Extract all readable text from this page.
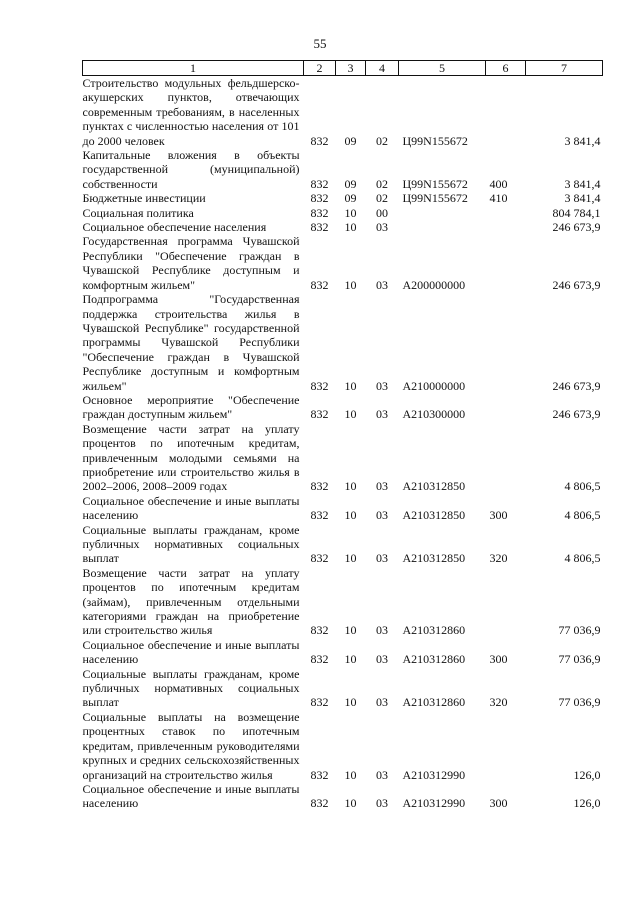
55
1	2	3	4	5	6	7
Строительство модульных фельдшерско-акушерских пунктов, отвечающих современным требованиям, в населенных пунктах с численностью населения от 101 до 2000 человек	832	09	02	Ц99N155672		3 841,4
Капитальные вложения в объекты государственной (муниципальной) собственности	832	09	02	Ц99N155672	400	3 841,4
Бюджетные инвестиции	832	09	02	Ц99N155672	410	3 841,4
Социальная политика	832	10	00			804 784,1
Социальное обеспечение населения	832	10	03			246 673,9
Государственная программа Чувашской Республики "Обеспечение граждан в Чувашской Республике доступным и комфортным жильем"	832	10	03	A200000000		246 673,9
Подпрограмма "Государственная поддержка строительства жилья в Чувашской Республике" государственной программы Чувашской Республики "Обеспечение граждан в Чувашской Республике доступным и комфортным жильем"	832	10	03	A210000000		246 673,9
Основное мероприятие "Обеспечение граждан доступным жильем"	832	10	03	A210300000		246 673,9
Возмещение части затрат на уплату процентов по ипотечным кредитам, привлеченным молодыми семьями на приобретение или строительство жилья в 2002–2006, 2008–2009 годах	832	10	03	A210312850		4 806,5
Социальное обеспечение и иные выплаты населению	832	10	03	A210312850	300	4 806,5
Социальные выплаты гражданам, кроме публичных нормативных социальных выплат	832	10	03	A210312850	320	4 806,5
Возмещение части затрат на уплату процентов по ипотечным кредитам (займам), привлеченным отдельными категориями граждан на приобретение или строительство жилья	832	10	03	A210312860		77 036,9
Социальное обеспечение и иные выплаты населению	832	10	03	A210312860	300	77 036,9
Социальные выплаты гражданам, кроме публичных нормативных социальных выплат	832	10	03	A210312860	320	77 036,9
Социальные выплаты на возмещение процентных ставок по ипотечным кредитам, привлеченным руководителями крупных и средних сельскохозяйственных организаций на строительство жилья	832	10	03	A210312990		126,0
Социальное обеспечение и иные выплаты населению	832	10	03	A210312990	300	126,0
